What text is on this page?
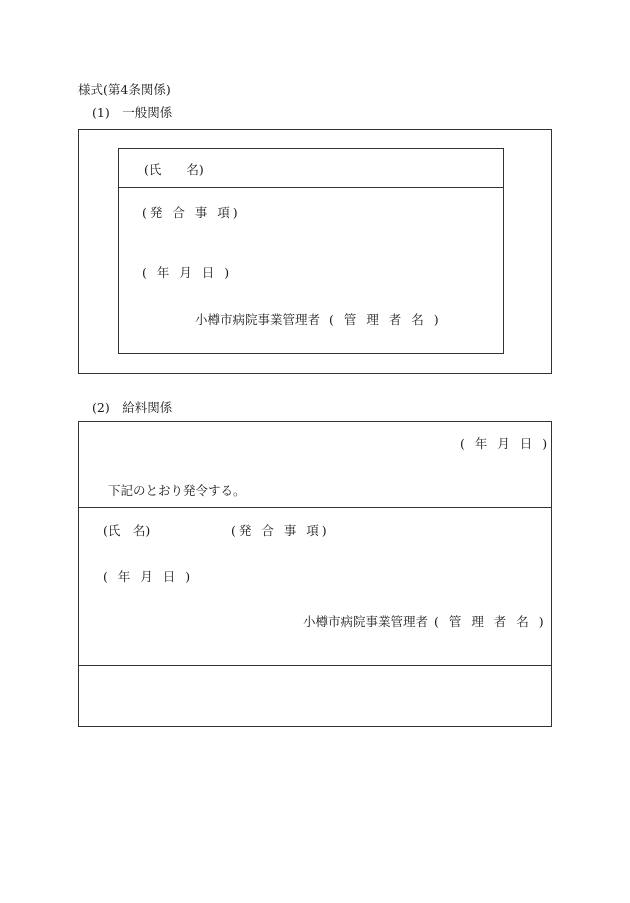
様式(第4条関係)
(1)　一般関係
(氏　　名)
(発 合 事 項)
( 年 月 日 )
小樽市病院事業管理者 ( 管 理 者 名 )
(2)　給料関係
( 年 月 日 )
下記のとおり発令する。
(氏　名)	(発 合 事 項)
( 年 月 日 )
小樽市病院事業管理者 ( 管 理 者 名 )
